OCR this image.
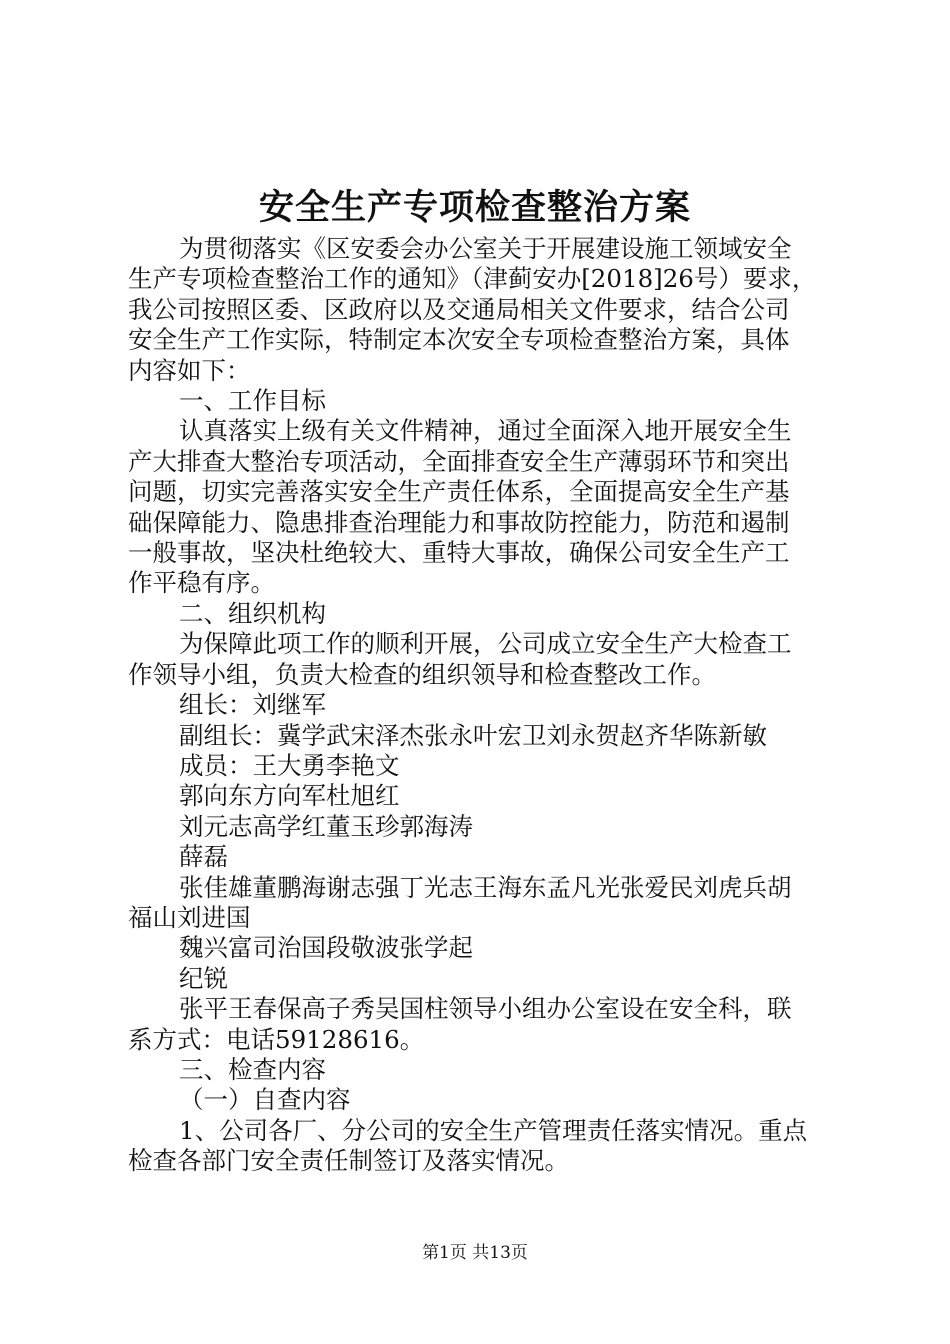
安全生产专项检查整治方案

为贯彻落实《区安委会办公室关于开展建设施工领域安全

生产专项检查整治工作的通知》（津蓟安办[2018]26号）要求，

我公司按照区委、区政府以及交通局相关文件要求，结合公司

安全生产工作实际，特制定本次安全专项检查整治方案，具体

内容如下：

一、工作目标

认真落实上级有关文件精神，通过全面深入地开展安全生

产大排查大整治专项活动，全面排查安全生产薄弱环节和突出

问题，切实完善落实安全生产责任体系，全面提高安全生产基

础保障能力、隐患排查治理能力和事故防控能力，防范和遏制

一般事故，坚决杜绝较大、重特大事故，确保公司安全生产工

作平稳有序。

二、组织机构

为保障此项工作的顺利开展，公司成立安全生产大检查工

作领导小组，负责大检查的组织领导和检查整改工作。

组长：刘继军

副组长：冀学武宋泽杰张永叶宏卫刘永贺赵齐华陈新敏

成员：王大勇李艳文

郭向东方向军杜旭红

刘元志高学红董玉珍郭海涛

薛磊

张佳雄董鹏海谢志强丁光志王海东孟凡光张爱民刘虎兵胡

福山刘进国

魏兴富司治国段敬波张学起

纪锐

张平王春保高子秀吴国柱领导小组办公室设在安全科，联

系方式：电话59128616。

三、检查内容

（一）自查内容

1、公司各厂、分公司的安全生产管理责任落实情况。重点

检查各部门安全责任制签订及落实情况。

第1页 共13页
